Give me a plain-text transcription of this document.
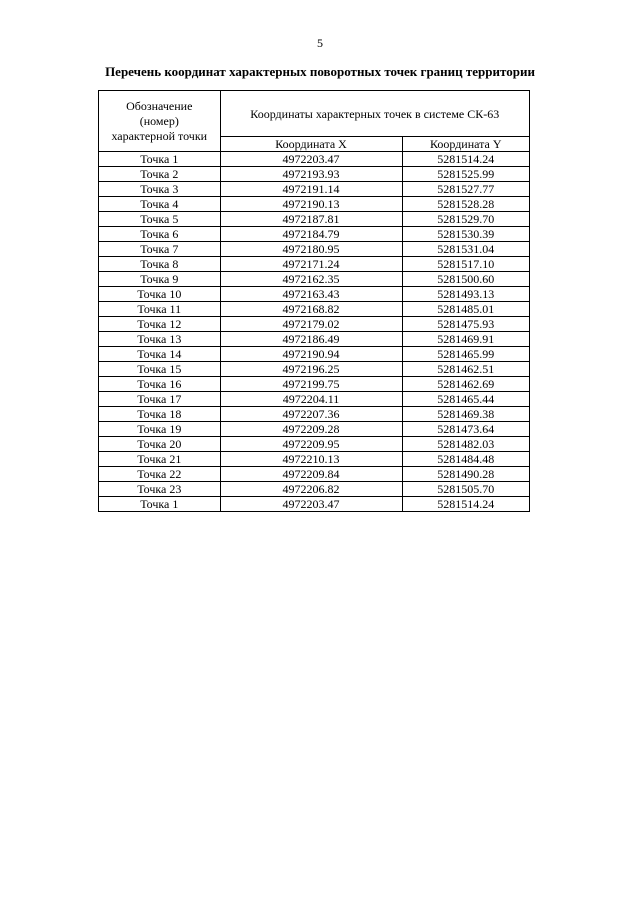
5
Перечень координат характерных поворотных точек границ территории
Обозначение
(номер)
характерной точки	Координаты характерных точек в системе СК-63	
	Координата X	Координата Y
Точка 1	4972203.47	5281514.24
Точка 2	4972193.93	5281525.99
Точка 3	4972191.14	5281527.77
Точка 4	4972190.13	5281528.28
Точка 5	4972187.81	5281529.70
Точка 6	4972184.79	5281530.39
Точка 7	4972180.95	5281531.04
Точка 8	4972171.24	5281517.10
Точка 9	4972162.35	5281500.60
Точка 10	4972163.43	5281493.13
Точка 11	4972168.82	5281485.01
Точка 12	4972179.02	5281475.93
Точка 13	4972186.49	5281469.91
Точка 14	4972190.94	5281465.99
Точка 15	4972196.25	5281462.51
Точка 16	4972199.75	5281462.69
Точка 17	4972204.11	5281465.44
Точка 18	4972207.36	5281469.38
Точка 19	4972209.28	5281473.64
Точка 20	4972209.95	5281482.03
Точка 21	4972210.13	5281484.48
Точка 22	4972209.84	5281490.28
Точка 23	4972206.82	5281505.70
Точка 1	4972203.47	5281514.24
